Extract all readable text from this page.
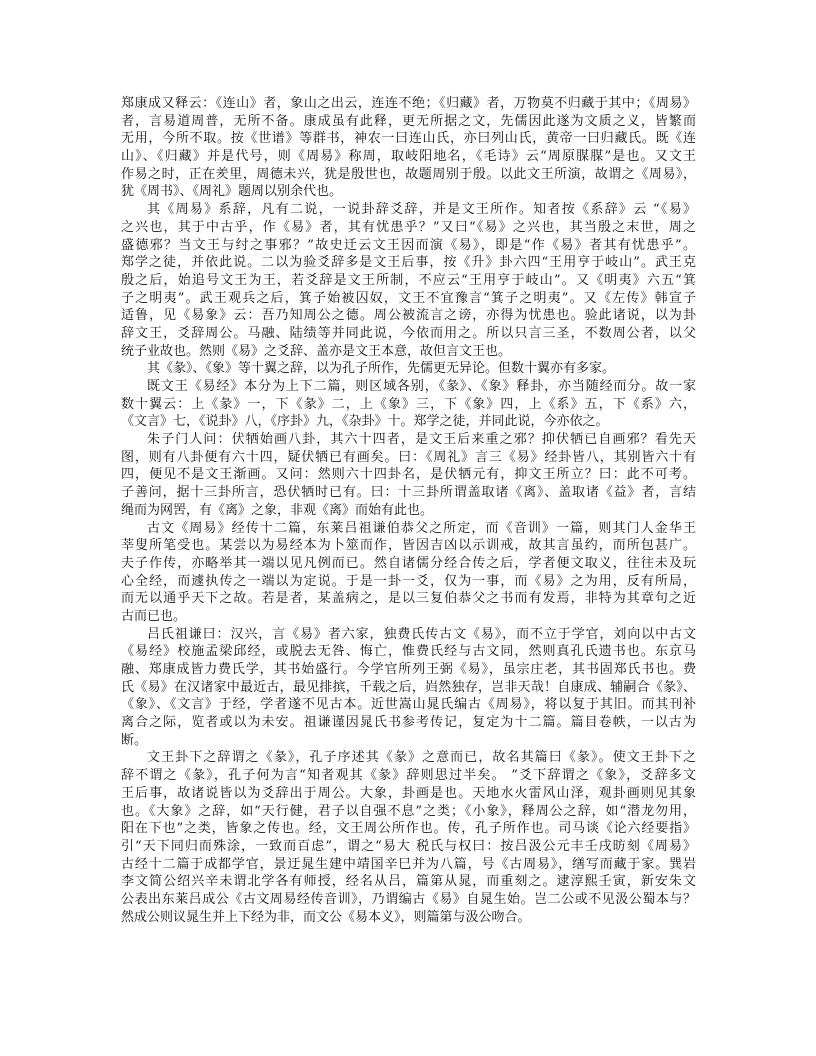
郑康成又释云：《连山》者，象山之出云，连连不绝；《归藏》者，万物莫不归藏于其中；《周易》
者，言易道周普，无所不备。康成虽有此释，更无所据之文，先儒因此遂为文质之义，皆繁而
无用，今所不取。按《世谱》等群书，神农一曰连山氏，亦曰列山氏，黄帝一曰归藏氏。既《连
山》、《归藏》并是代号，则《周易》称周，取岐阳地名，《毛诗》云“周原腜腜”是也。又文王
作易之时，正在羑里，周德未兴，犹是殷世也，故题周别于殷。以此文王所演，故谓之《周易》，
犹《周书》、《周礼》题周以别余代也。
其《周易》系辞，凡有二说，一说卦辞爻辞，并是文王所作。知者按《系辞》云 “《易》
之兴也，其于中古乎，作《易》者，其有忧患乎？”又曰“《易》之兴也，其当殷之末世，周之
盛德邪？当文王与纣之事邪？”故史迁云文王因而演《易》，即是“作《易》者其有忧患乎”。
郑学之徒，并依此说。二以为验爻辞多是文王后事，按《升》卦六四“王用亨于岐山”。武王克
殷之后，始追号文王为王，若爻辞是文王所制，不应云“王用亨于岐山”。又《明夷》六五“箕
子之明夷”。武王观兵之后，箕子始被囚奴，文王不宜豫言“箕子之明夷”。又《左传》韩宣子
适鲁，见《易象》云：吾乃知周公之德。周公被流言之谤，亦得为忧患也。验此诸说，以为卦
辞文王，爻辞周公。马融、陆绩等并同此说，今依而用之。所以只言三圣，不数周公者，以父
统子业故也。然则《易》之爻辞、盖亦是文王本意，故但言文王也。
其《彖》、《象》等十翼之辞，以为孔子所作，先儒更无异论。但数十翼亦有多家。
既文王《易经》本分为上下二篇，则区域各别，《彖》、《象》释卦，亦当随经而分。故一家
数十翼云：上《彖》一，下《彖》二，上《象》三，下《象》四，上《系》五，下《系》六，
《文言》七，《说卦》八，《序卦》九，《杂卦》十。郑学之徒，并同此说，今亦依之。
朱子门人问：伏牺始画八卦，其六十四者，是文王后来重之邪？抑伏牺已自画邪？看先天
图，则有八卦便有六十四，疑伏牺已有画矣。曰：《周礼》言三《易》经卦皆八，其别皆六十有
四，便见不是文王渐画。又问：然则六十四卦名，是伏牺元有，抑文王所立？曰：此不可考。
子善问，据十三卦所言，恐伏牺时已有。曰：十三卦所谓盖取诸《离》、盖取诸《益》者，言结
绳而为网罟，有《离》之象，非观《离》而始有此也。
古文《周易》经传十二篇，东莱吕祖谦伯恭父之所定，而《音训》一篇，则其门人金华王
莘叟所笔受也。某尝以为易经本为卜筮而作，皆因吉凶以示训戒，故其言虽约，而所包甚广。
夫子作传，亦略举其一端以见凡例而已。然自诸儒分经合传之后，学者便文取义，往往未及玩
心全经，而遽执传之一端以为定说。于是一卦一爻，仅为一事，而《易》之为用，反有所局，
而无以通乎天下之故。若是者，某盖病之，是以三复伯恭父之书而有发焉，非特为其章句之近
古而已也。
吕氏祖谦曰：汉兴，言《易》者六家，独费氏传古文《易》，而不立于学官，刘向以中古文
《易经》校施孟梁邱经，或脱去无咎、悔亡，惟费氏经与古文同，然则真孔氏遗书也。东京马
融、郑康成皆力费氏学，其书始盛行。今学官所列王弼《易》，虽宗庄老，其书固郑氏书也。费
氏《易》在汉诸家中最近古，最见排摈，千载之后，岿然独存，岂非天哉！自康成、辅嗣合《彖》、
《象》、《文言》于经，学者遂不见古本。近世嵩山晁氏编古《周易》，将以复于其旧。而其刊补
离合之际，览者或以为未安。祖谦谨因晁氏书参考传记，复定为十二篇。篇目卷帙，一以古为
断。
文王卦下之辞谓之《彖》，孔子序述其《彖》之意而已，故名其篇曰《彖》。使文王卦下之
辞不谓之《彖》，孔子何为言“知者观其《彖》辞则思过半矣。 ”爻下辞谓之《象》，爻辞多文
王后事，故诸说皆以为爻辞出于周公。大象，卦画是也。天地水火雷风山泽，观卦画则见其象
也。《大象》之辞，如“天行健，君子以自强不息”之类；《小象》，释周公之辞，如“潜龙勿用，
阳在下也”之类，皆象之传也。经，文王周公所作也。传，孔子所作也。司马谈《论六经要指》
引“天下同归而殊涂，一致而百虑”，谓之“易大 税氏与权曰：按吕汲公元丰壬戌昉刻《周易》
古经十二篇于成都学官，景迂晁生建中靖国辛巳并为八篇，号《古周易》，缮写而藏于家。巽岩
李文简公绍兴辛未谓北学各有师授，经名从吕，篇第从晁，而重刻之。逮淳熙壬寅，新安朱文
公表出东莱吕成公《古文周易经传音训》，乃谓编古《易》自晁生始。岂二公或不见汲公蜀本与？
然成公则议晁生并上下经为非，而文公《易本义》，则篇第与汲公吻合。
